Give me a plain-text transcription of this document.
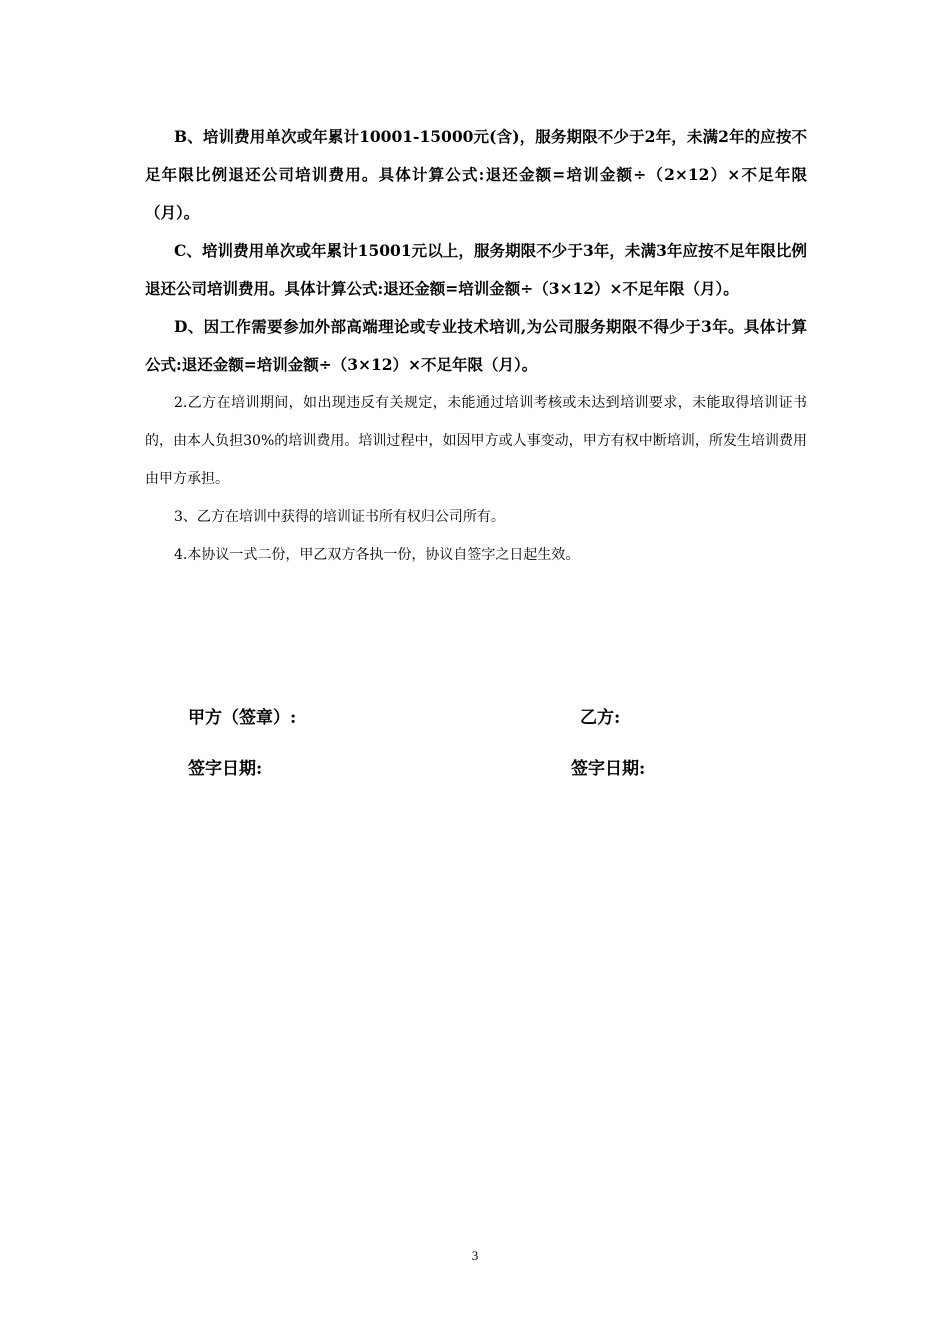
B、培训费用单次或年累计10001-15000元(含)，服务期限不少于2年，未满2年的应按不足年限比例退还公司培训费用。具体计算公式:退还金额=培训金额÷（2×12）×不足年限（月）。

C、培训费用单次或年累计15001元以上，服务期限不少于3年，未满3年应按不足年限比例退还公司培训费用。具体计算公式:退还金额=培训金额÷（3×12）×不足年限（月）。

D、因工作需要参加外部高端理论或专业技术培训,为公司服务期限不得少于3年。具体计算公式:退还金额=培训金额÷（3×12）×不足年限（月）。

2.乙方在培训期间，如出现违反有关规定，未能通过培训考核或未达到培训要求，未能取得培训证书的，由本人负担30%的培训费用。培训过程中，如因甲方或人事变动，甲方有权中断培训，所发生培训费用由甲方承担。

3、乙方在培训中获得的培训证书所有权归公司所有。

4.本协议一式二份，甲乙双方各执一份，协议自签字之日起生效。

甲方（签章）:	乙方:
签字日期:	签字日期:
3
